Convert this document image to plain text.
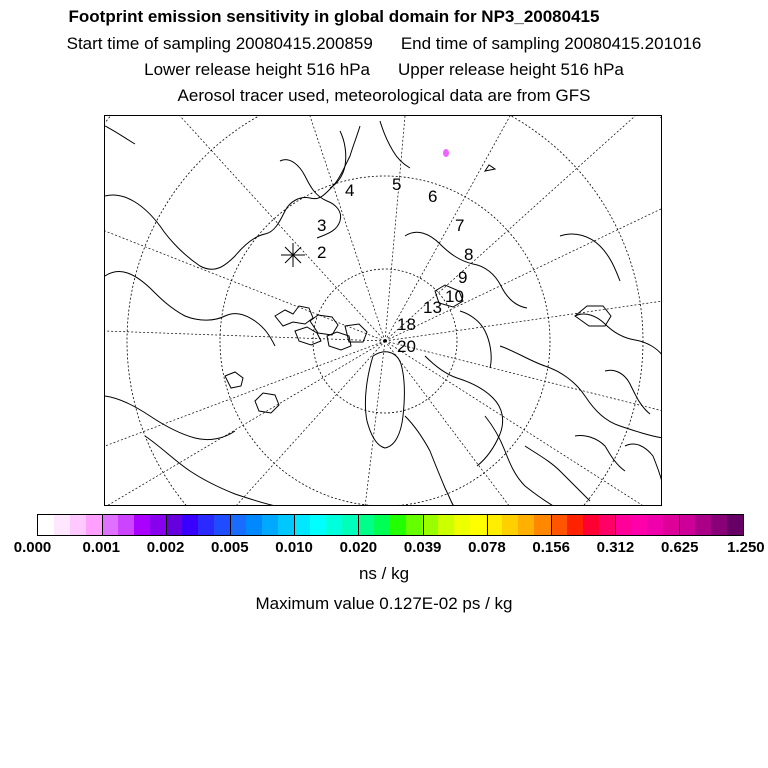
Footprint emission sensitivity in global domain for NP3_20080415
Start time of sampling 20080415.200859 End time of sampling 20080415.201016
Lower release height 516 hPa Upper release height 516 hPa
Aerosol tracer used, meteorological data are from GFS
2
3
4 5
6
7
8
9
10
13
18
20
ns / kg
Maximum value 0.127E-02 ps / kg
0.000 0.001 0.002 0.005 0.010 0.020 0.039 0.078 0.156 0.312 0.625 1.250
